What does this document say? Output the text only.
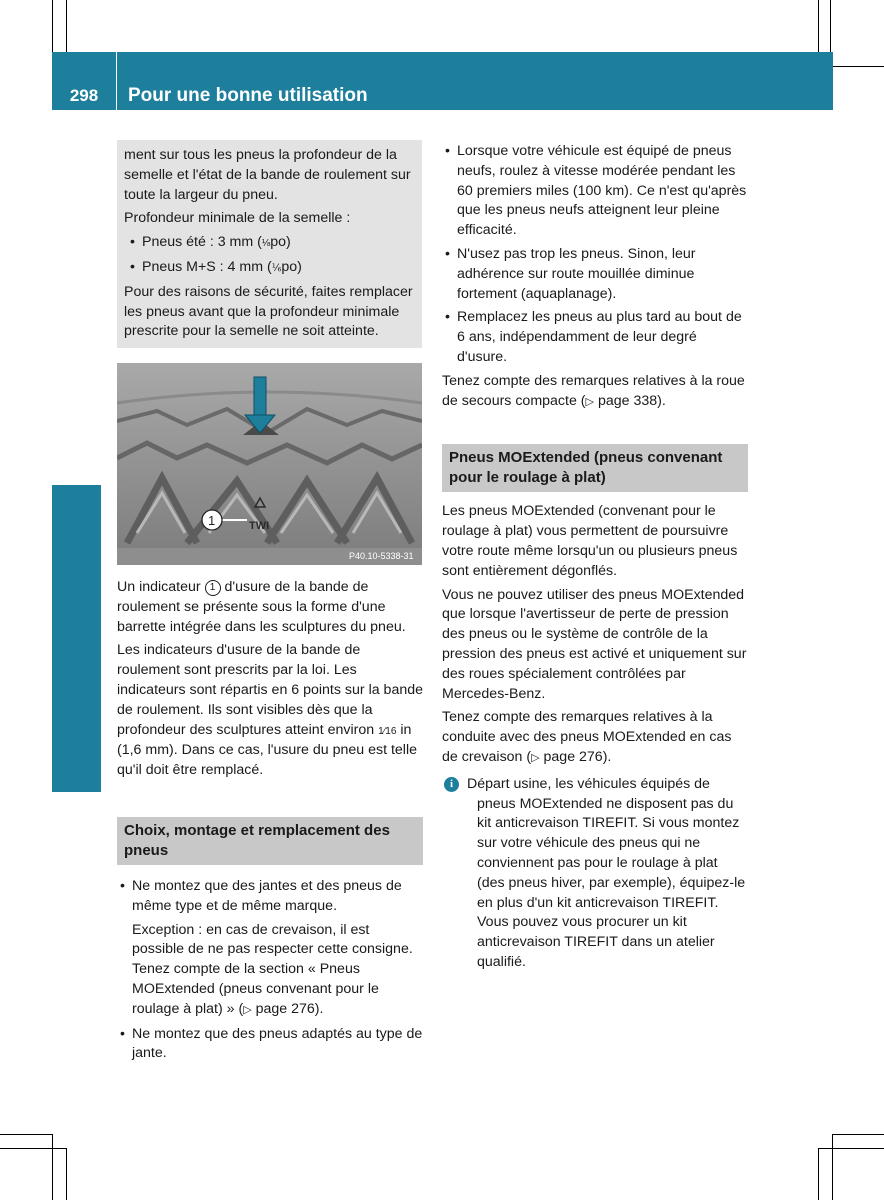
298	Pour une bonne utilisation
Jantes et pneumatiques

ment sur tous les pneus la profondeur de la semelle et l'état de la bande de roulement sur toute la largeur du pneu.

Profondeur minimale de la semelle :

• Pneus été : 3 mm (⅛po)
• Pneus M+S : 4 mm (⅙po)

Pour des raisons de sécurité, faites remplacer les pneus avant que la profondeur minimale prescrite pour la semelle ne soit atteinte.

TWI
1
P40.10-5338-31

Un indicateur 1 d'usure de la bande de roulement se présente sous la forme d'une barrette intégrée dans les sculptures du pneu.

Les indicateurs d'usure de la bande de roulement sont prescrits par la loi. Les indicateurs sont répartis en 6 points sur la bande de roulement. Ils sont visibles dès que la profondeur des sculptures atteint environ 1⁄16 in (1,6 mm). Dans ce cas, l'usure du pneu est telle qu'il doit être remplacé.

Choix, montage et remplacement des pneus

• Ne montez que des jantes et des pneus de même type et de même marque.

Exception : en cas de crevaison, il est possible de ne pas respecter cette consigne. Tenez compte de la section « Pneus MOExtended (pneus convenant pour le roulage à plat) » (▷ page 276).

• Ne montez que des pneus adaptés au type de jante.
• Lorsque votre véhicule est équipé de pneus neufs, roulez à vitesse modérée pendant les 60 premiers miles (100 km). Ce n'est qu'après que les pneus neufs atteignent leur pleine efficacité.
• N'usez pas trop les pneus. Sinon, leur adhérence sur route mouillée diminue fortement (aquaplanage).
• Remplacez les pneus au plus tard au bout de 6 ans, indépendamment de leur degré d'usure.

Tenez compte des remarques relatives à la roue de secours compacte (▷ page 338).

Pneus MOExtended (pneus convenant pour le roulage à plat)

Les pneus MOExtended (convenant pour le roulage à plat) vous permettent de poursuivre votre route même lorsqu'un ou plusieurs pneus sont entièrement dégonflés.

Vous ne pouvez utiliser des pneus MOExtended que lorsque l'avertisseur de perte de pression des pneus ou le système de contrôle de la pression des pneus est activé et uniquement sur des roues spécialement contrôlées par Mercedes-Benz.

Tenez compte des remarques relatives à la conduite avec des pneus MOExtended en cas de crevaison (▷ page 276).

i Départ usine, les véhicules équipés de pneus MOExtended ne disposent pas du kit anticrevaison TIREFIT. Si vous montez sur votre véhicule des pneus qui ne conviennent pas pour le roulage à plat (des pneus hiver, par exemple), équipez-le en plus d'un kit anticrevaison TIREFIT. Vous pouvez vous procurer un kit anticrevaison TIREFIT dans un atelier qualifié.
